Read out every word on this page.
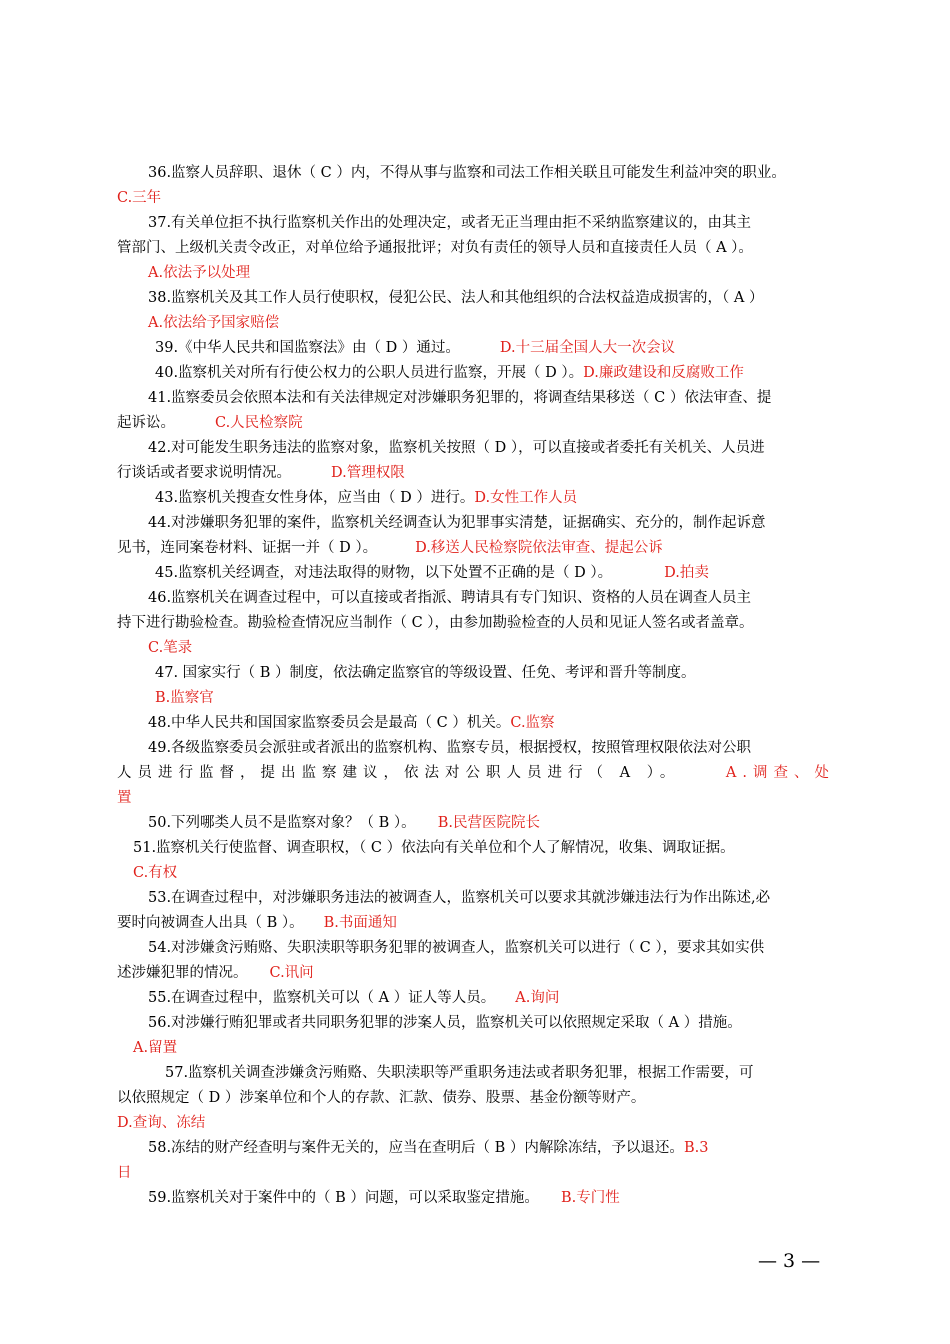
36.监察人员辞职、退休（ C ）内，不得从事与监察和司法工作相关联且可能发生利益冲突的职业。
C.三年
37.有关单位拒不执行监察机关作出的处理决定，或者无正当理由拒不采纳监察建议的，由其主
管部门、上级机关责令改正，对单位给予通报批评；对负有责任的领导人员和直接责任人员（ A ）。
A.依法予以处理
38.监察机关及其工作人员行使职权，侵犯公民、法人和其他组织的合法权益造成损害的，（ A ）
A.依法给予国家赔偿
39.《中华人民共和国监察法》由（ D ）通过。	D.十三届全国人大一次会议
40.监察机关对所有行使公权力的公职人员进行监察，开展（ D ）。D.廉政建设和反腐败工作
41.监察委员会依照本法和有关法律规定对涉嫌职务犯罪的，将调查结果移送（ C ）依法审查、提
起诉讼。	C.人民检察院
42.对可能发生职务违法的监察对象，监察机关按照（ D ），可以直接或者委托有关机关、人员进
行谈话或者要求说明情况。	D.管理权限
43.监察机关搜查女性身体，应当由（ D ）进行。D.女性工作人员
44.对涉嫌职务犯罪的案件，监察机关经调查认为犯罪事实清楚，证据确实、充分的，制作起诉意
见书，连同案卷材料、证据一并（ D ）。	D.移送人民检察院依法审查、提起公诉
45.监察机关经调查，对违法取得的财物，以下处置不正确的是（ D ）。	D.拍卖
46.监察机关在调查过程中，可以直接或者指派、聘请具有专门知识、资格的人员在调查人员主
持下进行勘验检查。勘验检查情况应当制作（ C ），由参加勘验检查的人员和见证人签名或者盖章。
C.笔录
47. 国家实行（ B ）制度，依法确定监察官的等级设置、任免、考评和晋升等制度。
B.监察官
48.中华人民共和国国家监察委员会是最高（ C ）机关。C.监察
49.各级监察委员会派驻或者派出的监察机构、监察专员，根据授权，按照管理权限依法对公职
人员进行监督，提出监察建议，依法对公职人员进行（ A ）。	A.调查、处
置
50.下列哪类人员不是监察对象？（ B ）。 B.民营医院院长
51.监察机关行使监督、调查职权，（ C ）依法向有关单位和个人了解情况，收集、调取证据。
C.有权
53.在调查过程中，对涉嫌职务违法的被调查人，监察机关可以要求其就涉嫌违法行为作出陈述,必
要时向被调查人出具（ B ）。 B.书面通知
54.对涉嫌贪污贿赂、失职渎职等职务犯罪的被调查人，监察机关可以进行（ C ），要求其如实供
述涉嫌犯罪的情况。 C.讯问
55.在调查过程中，监察机关可以（ A ）证人等人员。 A.询问
56.对涉嫌行贿犯罪或者共同职务犯罪的涉案人员，监察机关可以依照规定采取（ A ）措施。
A.留置
57.监察机关调查涉嫌贪污贿赂、失职渎职等严重职务违法或者职务犯罪，根据工作需要，可
以依照规定（ D ）涉案单位和个人的存款、汇款、债券、股票、基金份额等财产。
D.查询、冻结
58.冻结的财产经查明与案件无关的，应当在查明后（ B ）内解除冻结，予以退还。B.3
日
59.监察机关对于案件中的（ B ）问题，可以采取鉴定措施。 B.专门性
— 3 —
